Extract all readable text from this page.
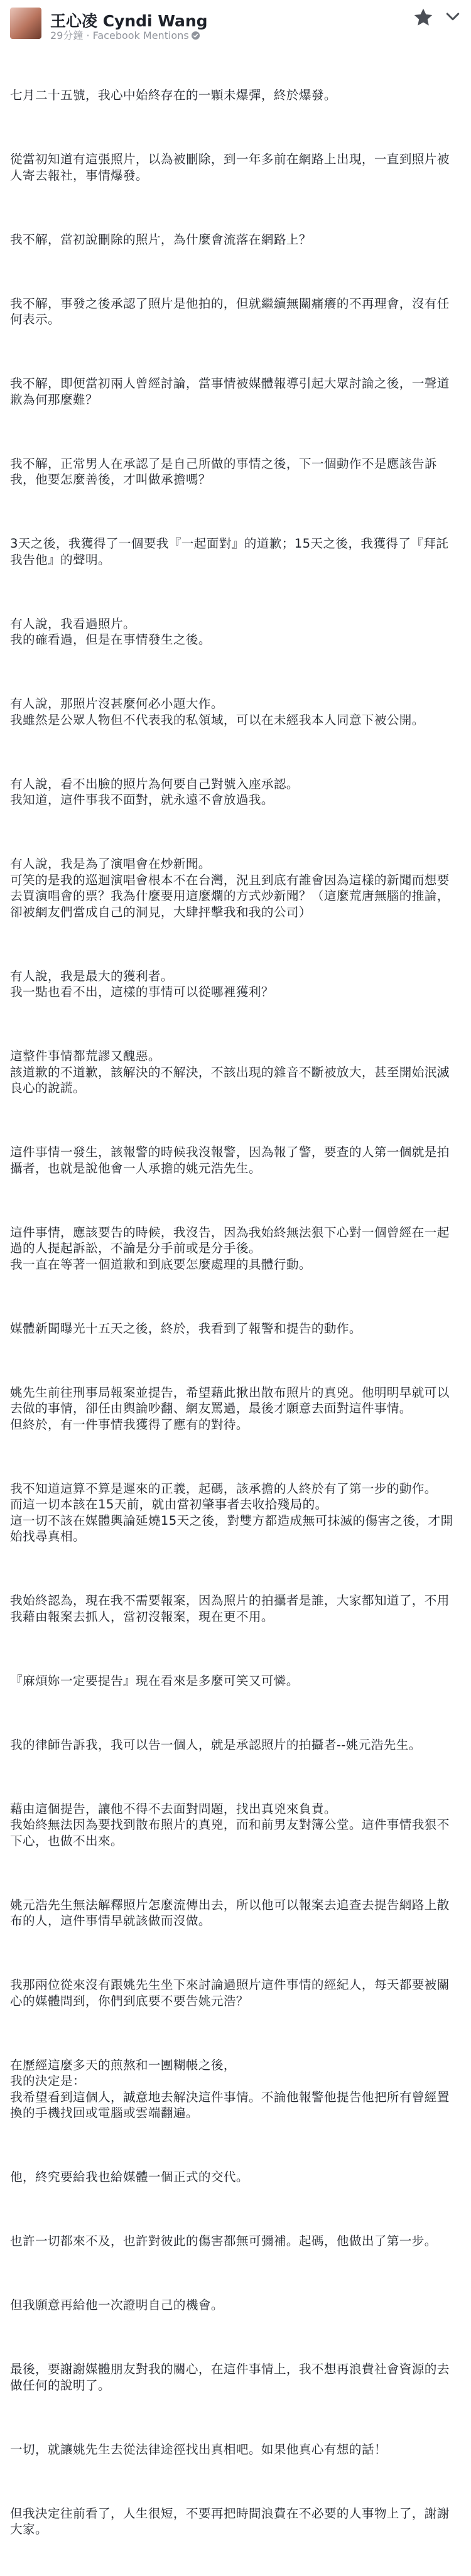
王心凌 Cyndi Wang
29分鐘 · Facebook Mentions

七月二十五號，我心中始終存在的一顆未爆彈，終於爆發。

從當初知道有這張照片，以為被刪除，到一年多前在網路上出現，一直到照片被人寄去報社，事情爆發。

我不解，當初說刪除的照片，為什麼會流落在網路上？

我不解，事發之後承認了照片是他拍的，但就繼續無關痛癢的不再理會，沒有任何表示。

我不解，即便當初兩人曾經討論，當事情被媒體報導引起大眾討論之後，一聲道歉為何那麼難？

我不解，正常男人在承認了是自己所做的事情之後，下一個動作不是應該告訴我，他要怎麼善後，才叫做承擔嗎？

3天之後，我獲得了一個要我『一起面對』的道歉；15天之後，我獲得了『拜託我告他』的聲明。

有人說，我看過照片。
我的確看過，但是在事情發生之後。

有人說，那照片沒甚麼何必小題大作。
我雖然是公眾人物但不代表我的私領域，可以在未經我本人同意下被公開。

有人說，看不出臉的照片為何要自己對號入座承認。
我知道，這件事我不面對，就永遠不會放過我。

有人說，我是為了演唱會在炒新聞。
可笑的是我的巡迴演唱會根本不在台灣，況且到底有誰會因為這樣的新聞而想要去買演唱會的票？我為什麼要用這麼爛的方式炒新聞？（這麼荒唐無腦的推論，卻被網友們當成自己的洞見，大肆抨擊我和我的公司）

有人說，我是最大的獲利者。
我一點也看不出，這樣的事情可以從哪裡獲利？

這整件事情都荒謬又醜惡。
該道歉的不道歉，該解決的不解決，不該出現的雜音不斷被放大，甚至開始泯滅良心的說謊。

這件事情一發生，該報警的時候我沒報警，因為報了警，要查的人第一個就是拍攝者，也就是說他會一人承擔的姚元浩先生。

這件事情，應該要告的時候，我沒告，因為我始終無法狠下心對一個曾經在一起過的人提起訴訟，不論是分手前或是分手後。
我一直在等著一個道歉和到底要怎麼處理的具體行動。

媒體新聞曝光十五天之後，終於，我看到了報警和提告的動作。

姚先生前往刑事局報案並提告，希望藉此揪出散布照片的真兇。他明明早就可以去做的事情，卻任由輿論吵翻、網友罵過，最後才願意去面對這件事情。
但終於，有一件事情我獲得了應有的對待。

我不知道這算不算是遲來的正義，起碼，該承擔的人終於有了第一步的動作。
而這一切本該在15天前，就由當初肇事者去收拾殘局的。
這一切不該在媒體輿論延燒15天之後，對雙方都造成無可抹滅的傷害之後，才開始找尋真相。

我始終認為，現在我不需要報案，因為照片的拍攝者是誰，大家都知道了，不用我藉由報案去抓人，當初沒報案，現在更不用。

『麻煩妳一定要提告』現在看來是多麼可笑又可憐。

我的律師告訴我，我可以告一個人，就是承認照片的拍攝者--姚元浩先生。

藉由這個提告，讓他不得不去面對問題，找出真兇來負責。
我始終無法因為要找到散布照片的真兇，而和前男友對簿公堂。這件事情我狠不下心，也做不出來。

姚元浩先生無法解釋照片怎麼流傳出去，所以他可以報案去追查去提告網路上散布的人，這件事情早就該做而沒做。

我那兩位從來沒有跟姚先生坐下來討論過照片這件事情的經紀人，每天都要被關心的媒體問到，你們到底要不要告姚元浩？

在歷經這麼多天的煎熬和一團糊帳之後，
我的決定是：
我希望看到這個人，誠意地去解決這件事情。不論他報警他提告他把所有曾經置換的手機找回或電腦或雲端翻遍。

他，終究要給我也給媒體一個正式的交代。

也許一切都來不及，也許對彼此的傷害都無可彌補。起碼，他做出了第一步。

但我願意再給他一次證明自己的機會。

最後，要謝謝媒體朋友對我的關心，在這件事情上，我不想再浪費社會資源的去做任何的說明了。

一切，就讓姚先生去從法律途徑找出真相吧。如果他真心有想的話！

但我決定往前看了，人生很短，不要再把時間浪費在不必要的人事物上了，謝謝大家。
